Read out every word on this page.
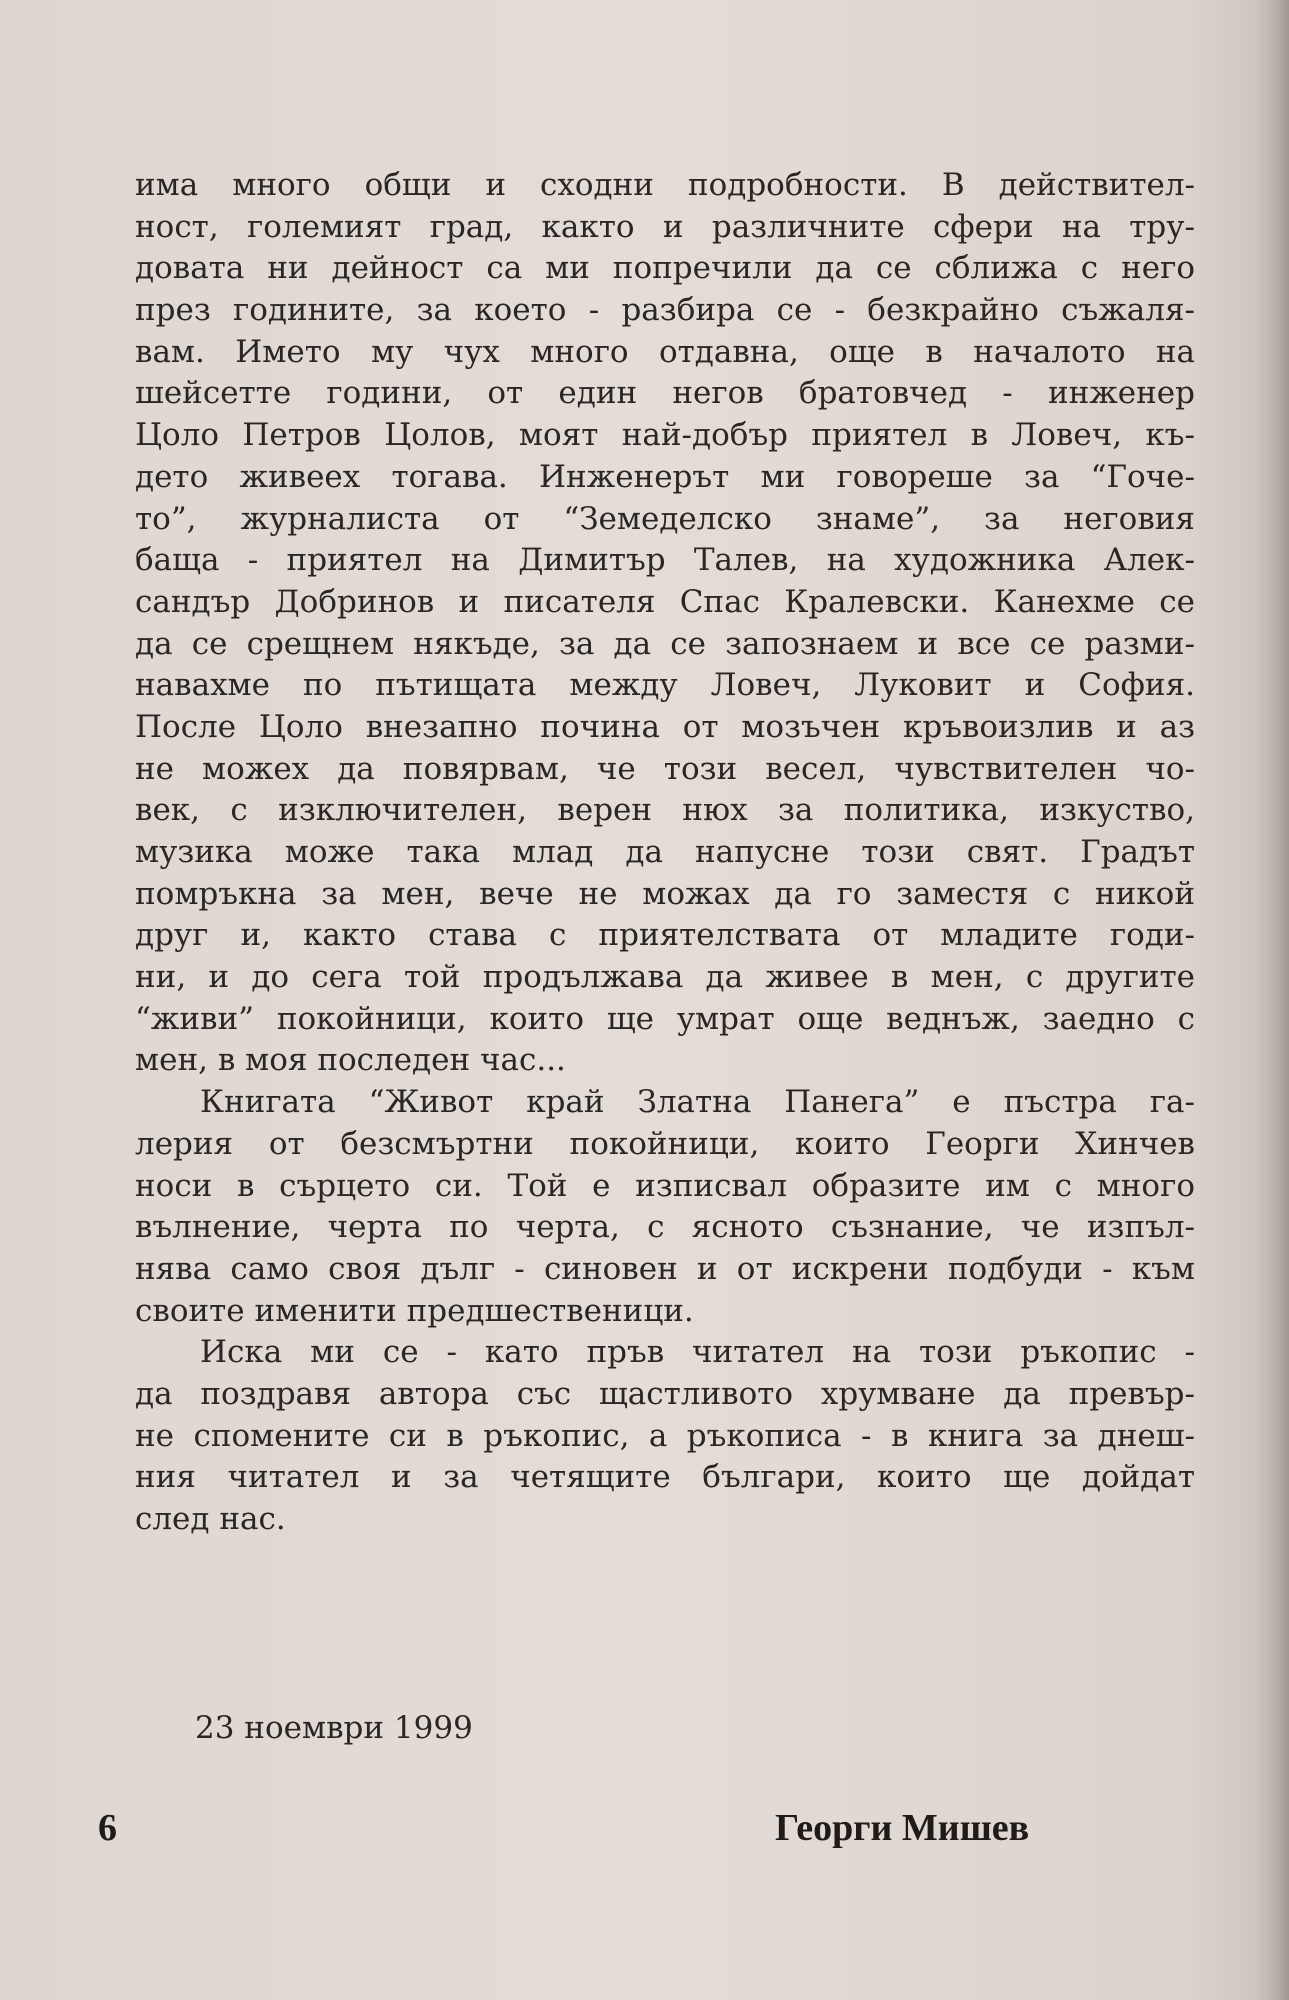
има много общи и сходни подробности. В действител-
ност, големият град, както и различните сфери на тру-
довата ни дейност са ми попречили да се сближа с него
през годините, за което - разбира се - безкрайно съжаля-
вам. Името му чух много отдавна, още в началото на
шейсетте години, от един негов братовчед - инженер
Цоло Петров Цолов, моят най-добър приятел в Ловеч, къ-
дето живеех тогава. Инженерът ми говореше за “Гоче-
то”, журналиста от “Земеделско знаме”, за неговия
баща - приятел на Димитър Талев, на художника Алек-
сандър Добринов и писателя Спас Кралевски. Канехме се
да се срещнем някъде, за да се запознаем и все се разми-
навахме по пътищата между Ловеч, Луковит и София.
После Цоло внезапно почина от мозъчен кръвоизлив и аз
не можех да повярвам, че този весел, чувствителен чо-
век, с изключителен, верен нюх за политика, изкуство,
музика може така млад да напусне този свят. Градът
помръкна за мен, вече не можах да го заместя с никой
друг и, както става с приятелствата от младите годи-
ни, и до сега той продължава да живее в мен, с другите
“живи” покойници, които ще умрат още веднъж, заедно с
мен, в моя последен час...
Книгата “Живот край Златна Панега” е пъстра га-
лерия от безсмъртни покойници, които Георги Хинчев
носи в сърцето си. Той е изписвал образите им с много
вълнение, черта по черта, с ясното съзнание, че изпъл-
нява само своя дълг - синовен и от искрени подбуди - към
своите именити предшественици.
Иска ми се - като пръв читател на този ръкопис -
да поздравя автора със щастливото хрумване да превър-
не спомените си в ръкопис, а ръкописа - в книга за днеш-
ния читател и за четящите българи, които ще дойдат
след нас.
23 ноември 1999
6	Георги Мишев
